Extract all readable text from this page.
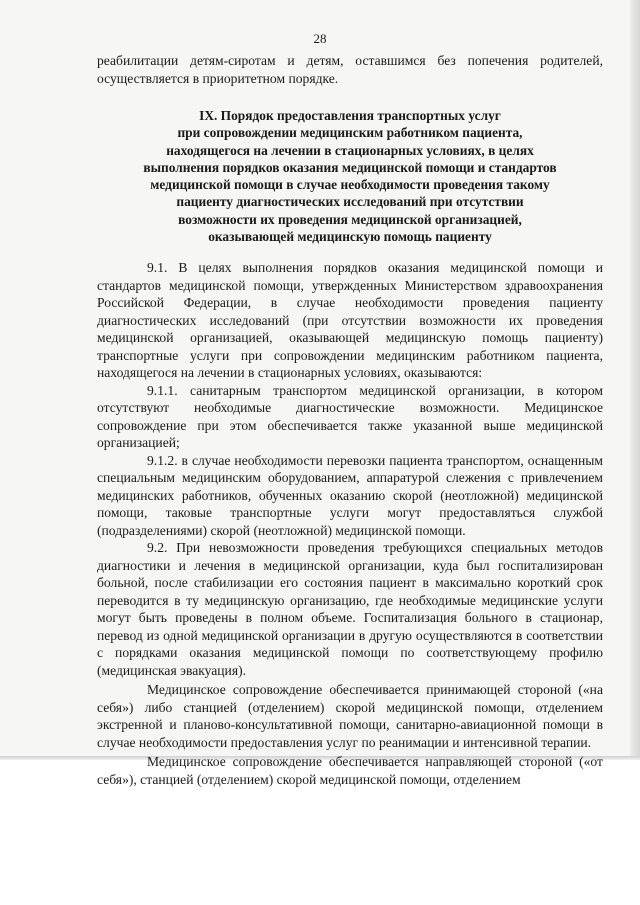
28

реабилитации детям-сиротам и детям, оставшимся без попечения родителей, осуществляется в приоритетном порядке.

IX. Порядок предоставления транспортных услуг
при сопровождении медицинским работником пациента,
находящегося на лечении в стационарных условиях, в целях
выполнения порядков оказания медицинской помощи и стандартов
медицинской помощи в случае необходимости проведения такому
пациенту диагностических исследований при отсутствии
возможности их проведения медицинской организацией,
оказывающей медицинскую помощь пациенту

9.1. В целях выполнения порядков оказания медицинской помощи и стандартов медицинской помощи, утвержденных Министерством здравоохранения Российской Федерации, в случае необходимости проведения пациенту диагностических исследований (при отсутствии возможности их проведения медицинской организацией, оказывающей медицинскую помощь пациенту) транспортные услуги при сопровождении медицинским работником пациента, находящегося на лечении в стационарных условиях, оказываются:

9.1.1. санитарным транспортом медицинской организации, в котором отсутствуют необходимые диагностические возможности. Медицинское сопровождение при этом обеспечивается также указанной выше медицинской организацией;

9.1.2. в случае необходимости перевозки пациента транспортом, оснащенным специальным медицинским оборудованием, аппаратурой слежения с привлечением медицинских работников, обученных оказанию скорой (неотложной) медицинской помощи, таковые транспортные услуги могут предоставляться службой (подразделениями) скорой (неотложной) медицинской помощи.

9.2. При невозможности проведения требующихся специальных методов диагностики и лечения в медицинской организации, куда был госпитализирован больной, после стабилизации его состояния пациент в максимально короткий срок переводится в ту медицинскую организацию, где необходимые медицинские услуги могут быть проведены в полном объеме. Госпитализация больного в стационар, перевод из одной медицинской организации в другую осуществляются в соответствии с порядками оказания медицинской помощи по соответствующему профилю (медицинская эвакуация).

Медицинское сопровождение обеспечивается принимающей стороной («на себя») либо станцией (отделением) скорой медицинской помощи, отделением экстренной и планово-консультативной помощи, санитарно-авиационной помощи в случае необходимости предоставления услуг по реанимации и интенсивной терапии.

Медицинское сопровождение обеспечивается направляющей стороной («от себя»), станцией (отделением) скорой медицинской помощи, отделением
